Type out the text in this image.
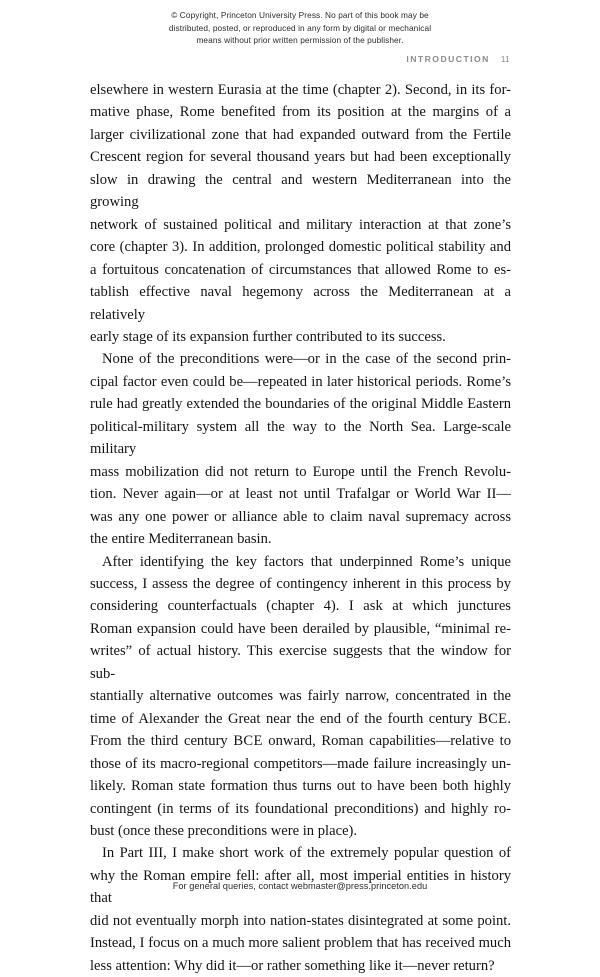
© Copyright, Princeton University Press. No part of this book may be
distributed, posted, or reproduced in any form by digital or mechanical
means without prior written permission of the publisher.
INTRODUCTION 11

elsewhere in western Eurasia at the time (chapter 2). Second, in its for-
mative phase, Rome benefited from its position at the margins of a
larger civilizational zone that had expanded outward from the Fertile
Crescent region for several thousand years but had been exceptionally
slow in drawing the central and western Mediterranean into the growing
network of sustained political and military interaction at that zone’s
core (chapter 3). In addition, prolonged domestic political stability and
a fortuitous concatenation of circumstances that allowed Rome to es-
tablish effective naval hegemony across the Mediterranean at a relatively
early stage of its expansion further contributed to its success.

None of the preconditions were—or in the case of the second prin-
cipal factor even could be—repeated in later historical periods. Rome’s
rule had greatly extended the boundaries of the original Middle Eastern
political-military system all the way to the North Sea. Large-scale military
mass mobilization did not return to Europe until the French Revolu-
tion. Never again—or at least not until Trafalgar or World War II—
was any one power or alliance able to claim naval supremacy across
the entire Mediterranean basin.

After identifying the key factors that underpinned Rome’s unique
success, I assess the degree of contingency inherent in this process by
considering counterfactuals (chapter 4). I ask at which junctures
Roman expansion could have been derailed by plausible, “minimal re-
writes” of actual history. This exercise suggests that the window for sub-
stantially alternative outcomes was fairly narrow, concentrated in the
time of Alexander the Great near the end of the fourth century BCE.
From the third century BCE onward, Roman capabilities—relative to
those of its macro-regional competitors—made failure increasingly un-
likely. Roman state formation thus turns out to have been both highly
contingent (in terms of its foundational preconditions) and highly ro-
bust (once these preconditions were in place).

In Part III, I make short work of the extremely popular question of
why the Roman empire fell: after all, most imperial entities in history that
did not eventually morph into nation-states disintegrated at some point.
Instead, I focus on a much more salient problem that has received much
less attention: Why did it—or rather something like it—never return?

For general queries, contact webmaster@press.princeton.edu
